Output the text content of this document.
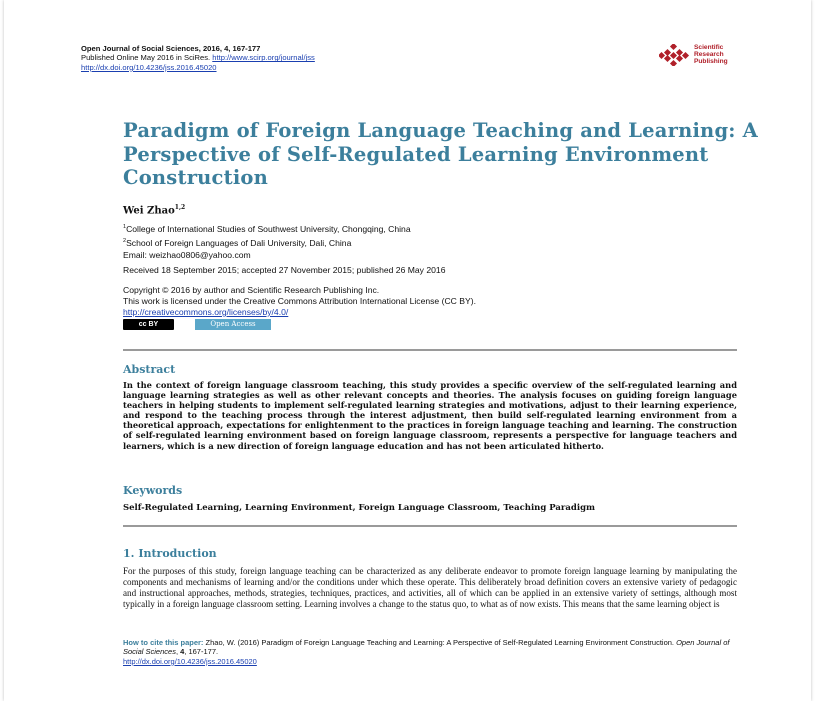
Open Journal of Social Sciences, 2016, 4, 167-177
Published Online May 2016 in SciRes. http://www.scirp.org/journal/jss
http://dx.doi.org/10.4236/jss.2016.45020
Scientific
Research
Publishing
Paradigm of Foreign Language Teaching and Learning: A Perspective of Self-Regulated Learning Environment Construction
Wei Zhao$^{1,2}$
$^1$College of International Studies of Southwest University, Chongqing, China
$^2$School of Foreign Languages of Dali University, Dali, China
Email: weizhao0806@yahoo.com
Received 18 September 2015; accepted 27 November 2015; published 26 May 2016
Copyright © 2016 by author and Scientific Research Publishing Inc.
This work is licensed under the Creative Commons Attribution International License (CC BY).
http://creativecommons.org/licenses/by/4.0/
cc BY	Open Access
Abstract
In the context of foreign language classroom teaching, this study provides a specific overview of the self-regulated learning and language learning strategies as well as other relevant concepts and theories. The analysis focuses on guiding foreign language teachers in helping students to implement self-regulated learning strategies and motivations, adjust to their learning experience, and respond to the teaching process through the interest adjustment, then build self-regulated learning environment from a theoretical approach, expectations for enlightenment to the practices in foreign language teaching and learning. The construction of self-regulated learning environment based on foreign language classroom, represents a perspective for language teachers and learners, which is a new direction of foreign language education and has not been articulated hitherto.
Keywords
Self-Regulated Learning, Learning Environment, Foreign Language Classroom, Teaching Paradigm
1. Introduction
For the purposes of this study, foreign language teaching can be characterized as any deliberate endeavor to promote foreign language learning by manipulating the components and mechanisms of learning and/or the conditions under which these operate. This deliberately broad definition covers an extensive variety of pedagogic and instructional approaches, methods, strategies, techniques, practices, and activities, all of which can be applied in an extensive variety of settings, although most typically in a foreign language classroom setting. Learning involves a change to the status quo, to what as of now exists. This means that the same learning object is
How to cite this paper: Zhao, W. (2016) Paradigm of Foreign Language Teaching and Learning: A Perspective of Self-Regulated Learning Environment Construction. Open Journal of Social Sciences, 4, 167-177.
http://dx.doi.org/10.4236/jss.2016.45020
